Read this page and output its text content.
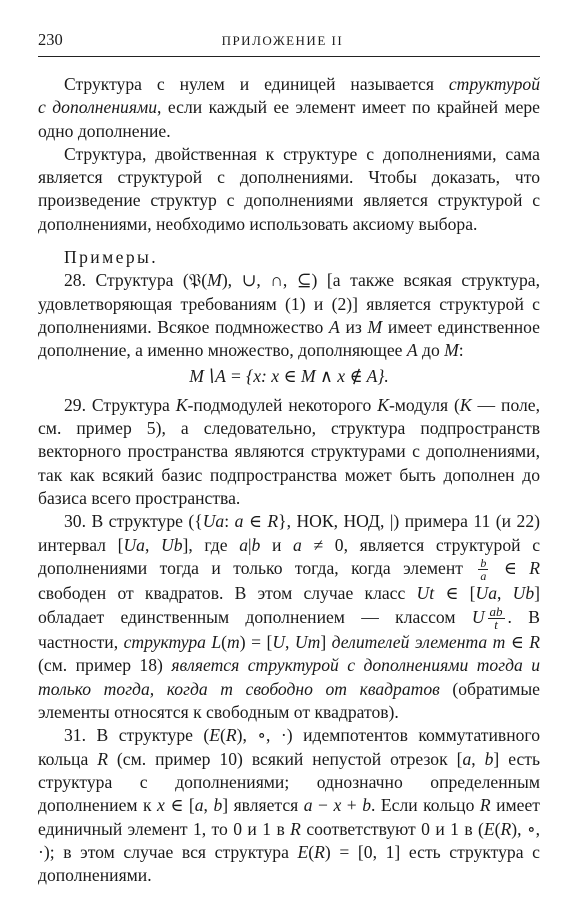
230	ПРИЛОЖЕНИЕ II

Структура с нулем и единицей называется структурой с дополнениями, если каждый ее элемент имеет по крайней мере одно дополнение.

Структура, двойственная к структуре с дополнениями, сама является структурой с дополнениями. Чтобы доказать, что произведение структур с дополнениями является структурой с дополнениями, необходимо использовать аксиому выбора.

Примеры.

28. Структура (𝔓(M), ∪, ∩, ⊆) [а также всякая структура, удовлетворяющая требованиям (1) и (2)] является структурой с дополнениями. Всякое подмножество A из M имеет единственное дополнение, а именно множество, дополняющее A до M:

M∖A = {x: x ∈ M ∧ x ∉ A}.

29. Структура K-подмодулей некоторого K-модуля (K — поле, см. пример 5), а следовательно, структура подпространств векторного пространства являются структурами с дополнениями, так как всякий базис подпространства может быть дополнен до базиса всего пространства.

30. В структуре ({Ua: a ∈ R}, НОК, НОД, |) примера 11 (и 22) интервал [Ua, Ub], где a|b и a ≠ 0, является структурой с дополнениями тогда и только тогда, когда элемент $\frac{b}{a}$ ∈ R свободен от квадратов. В этом случае класс Ut ∈ [Ua, Ub] обладает единственным дополнением — классом U $\frac{ab}{t}$ . В частности, структура L(m) = [U, Um] делителей элемента m ∈ R (см. пример 18) является структурой с дополнениями тогда и только тогда, когда m свободно от квадратов (обратимые элементы относятся к свободным от квадратов).

31. В структуре (E(R), ∘, ·) идемпотентов коммутативного кольца R (см. пример 10) всякий непустой отрезок [a, b] есть структура с дополнениями; однозначно определенным дополнением к x ∈ [a, b] является a − x + b. Если кольцо R имеет единичный элемент 1, то 0 и 1 в R соответствуют 0 и 1 в (E(R), ∘, ·); в этом случае вся структура E(R) = [0, 1] есть структура с дополнениями.
